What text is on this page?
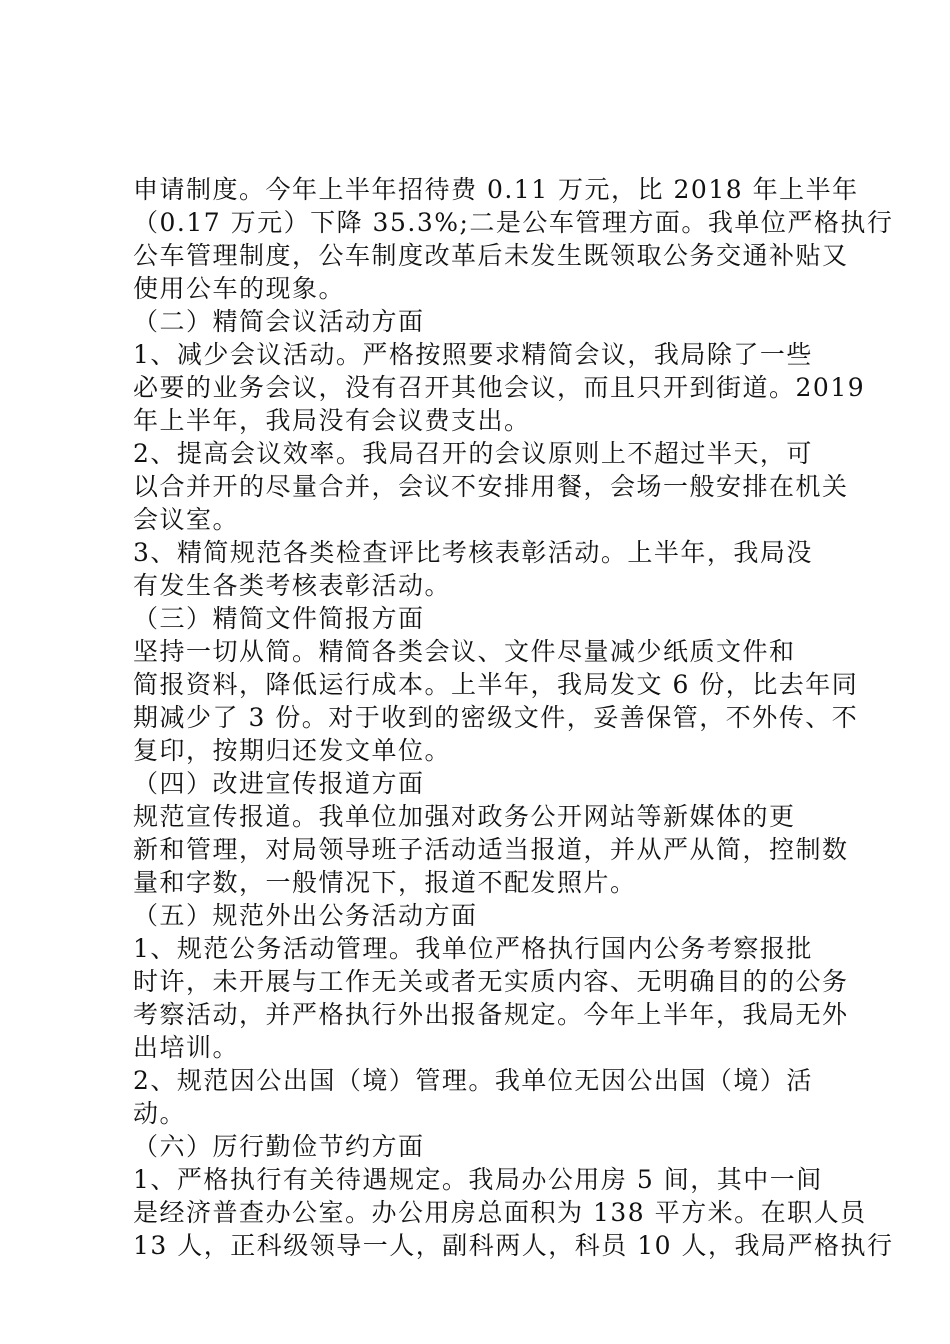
申请制度。今年上半年招待费 0.11 万元，比 2018 年上半年
（0.17 万元）下降 35.3%;二是公车管理方面。我单位严格执行
公车管理制度，公车制度改革后未发生既领取公务交通补贴又
使用公车的现象。
（二）精简会议活动方面
1、减少会议活动。严格按照要求精简会议，我局除了一些
必要的业务会议，没有召开其他会议，而且只开到街道。2019
年上半年，我局没有会议费支出。
2、提高会议效率。我局召开的会议原则上不超过半天，可
以合并开的尽量合并，会议不安排用餐，会场一般安排在机关
会议室。
3、精简规范各类检查评比考核表彰活动。上半年，我局没
有发生各类考核表彰活动。
（三）精简文件简报方面
坚持一切从简。精简各类会议、文件尽量减少纸质文件和
简报资料，降低运行成本。上半年，我局发文 6 份，比去年同
期减少了 3 份。对于收到的密级文件，妥善保管，不外传、不
复印，按期归还发文单位。
（四）改进宣传报道方面
规范宣传报道。我单位加强对政务公开网站等新媒体的更
新和管理，对局领导班子活动适当报道，并从严从简，控制数
量和字数，一般情况下，报道不配发照片。
（五）规范外出公务活动方面
1、规范公务活动管理。我单位严格执行国内公务考察报批
时许，未开展与工作无关或者无实质内容、无明确目的的公务
考察活动，并严格执行外出报备规定。今年上半年，我局无外
出培训。
2、规范因公出国（境）管理。我单位无因公出国（境）活
动。
（六）厉行勤俭节约方面
1、严格执行有关待遇规定。我局办公用房 5 间，其中一间
是经济普查办公室。办公用房总面积为 138 平方米。在职人员
13 人，正科级领导一人，副科两人，科员 10 人，我局严格执行
